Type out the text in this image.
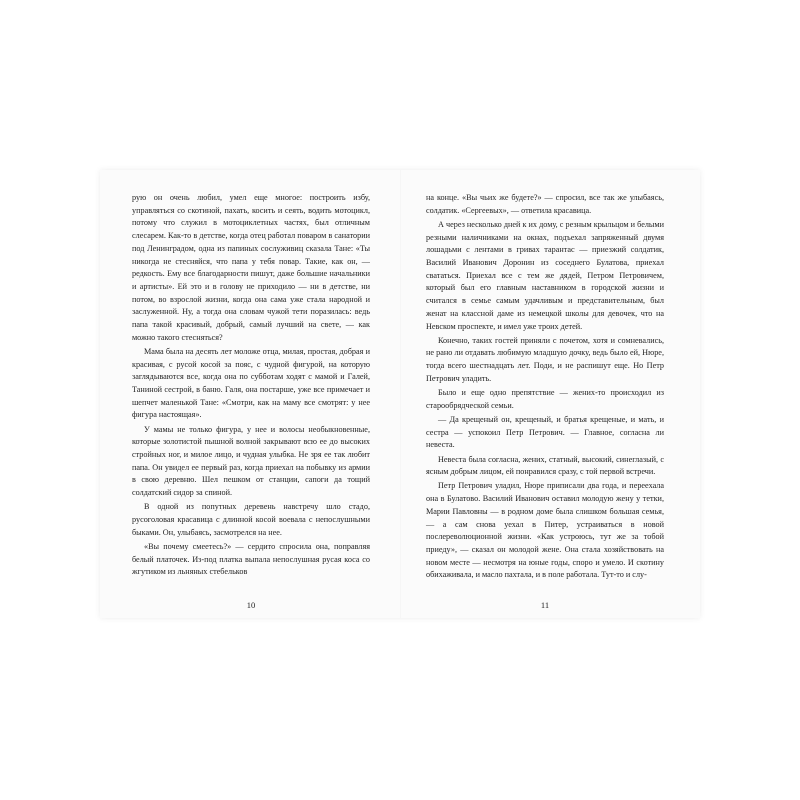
рую он очень любил, умел еще многое: построить избу, управляться со скотиной, пахать, косить и сеять, водить мотоцикл, потому что служил в мотоциклетных частях, был отличным слесарем. Как-то в детстве, когда отец работал поваром в санатории под Ленинградом, одна из папиных сослуживиц сказала Тане: «Ты никогда не стесняйся, что папа у тебя повар. Такие, как он, — редкость. Ему все благодарности пишут, даже большие начальники и артисты». Ей это и в голову не приходило — ни в детстве, ни потом, во взрослой жизни, когда она сама уже стала народной и заслуженной. Ну, а тогда она словам чужой тети поразилась: ведь папа такой красивый, добрый, самый лучший на свете, — как можно такого стесняться?

Мама была на десять лет моложе отца, милая, простая, добрая и красивая, с русой косой за пояс, с чудной фигурой, на которую заглядываются все, когда она по субботам ходят с мамой и Галей, Таниной сестрой, в баню. Галя, она постарше, уже все примечает и шепчет маленькой Тане: «Смотри, как на маму все смотрят: у нее фигура настоящая».

У мамы не только фигура, у нее и волосы необыкновенные, которые золотистой пышной волной закрывают всю ее до высоких стройных ног, и милое лицо, и чудная улыбка. Не зря ее так любит папа. Он увидел ее первый раз, когда приехал на побывку из армии в свою деревню. Шел пешком от станции, сапоги да тощий солдатский сидор за спиной.

В одной из попутных деревень навстречу шло стадо, русоголовая красавица с длинной косой воевала с непослушными быками. Он, улыбаясь, засмотрелся на нее.

«Вы почему смеетесь?» — сердито спросила она, поправляя белый платочек. Из-под платка выпала непослушная русая коса со жгутиком из льняных стебельков

10

на конце. «Вы чьих же будете?» — спросил, все так же улыбаясь, солдатик. «Сергеевых», — ответила красавица.

А через несколько дней к их дому, с резным крыльцом и белыми резными наличниками на окнах, подъехал запряженный двумя лошадьми с лентами в гривах тарантас — приезжий солдатик, Василий Иванович Доронин из соседнего Булатова, приехал свататься. Приехал все с тем же дядей, Петром Петровичем, который был его главным наставником в городской жизни и считался в семье самым удачливым и представительным, был женат на классной даме из немецкой школы для девочек, что на Невском проспекте, и имел уже троих детей.

Конечно, таких гостей приняли с почетом, хотя и сомневались, не рано ли отдавать любимую младшую дочку, ведь было ей, Нюре, тогда всего шестнадцать лет. Поди, и не распишут еще. Но Петр Петрович уладить.

Было и еще одно препятствие — жених-то происходил из старообрядческой семьи.

— Да крещеный он, крещеный, и братья крещеные, и мать, и сестра — успокоил Петр Петрович. — Главное, согласна ли невеста.

Невеста была согласна, жених, статный, высокий, синеглазый, с ясным добрым лицом, ей понравился сразу, с той первой встречи.

Петр Петрович уладил, Нюре приписали два года, и переехала она в Булатово. Василий Иванович оставил молодую жену у тетки, Марии Павловны — в родном доме была слишком большая семья, — а сам снова уехал в Питер, устраиваться в новой послереволюционной жизни. «Как устроюсь, тут же за тобой приеду», — сказал он молодой жене. Она стала хозяйствовать на новом месте — несмотря на юные годы, споро и умело. И скотину обихаживала, и масло пахтала, и в поле работала. Тут-то и слу-

11
